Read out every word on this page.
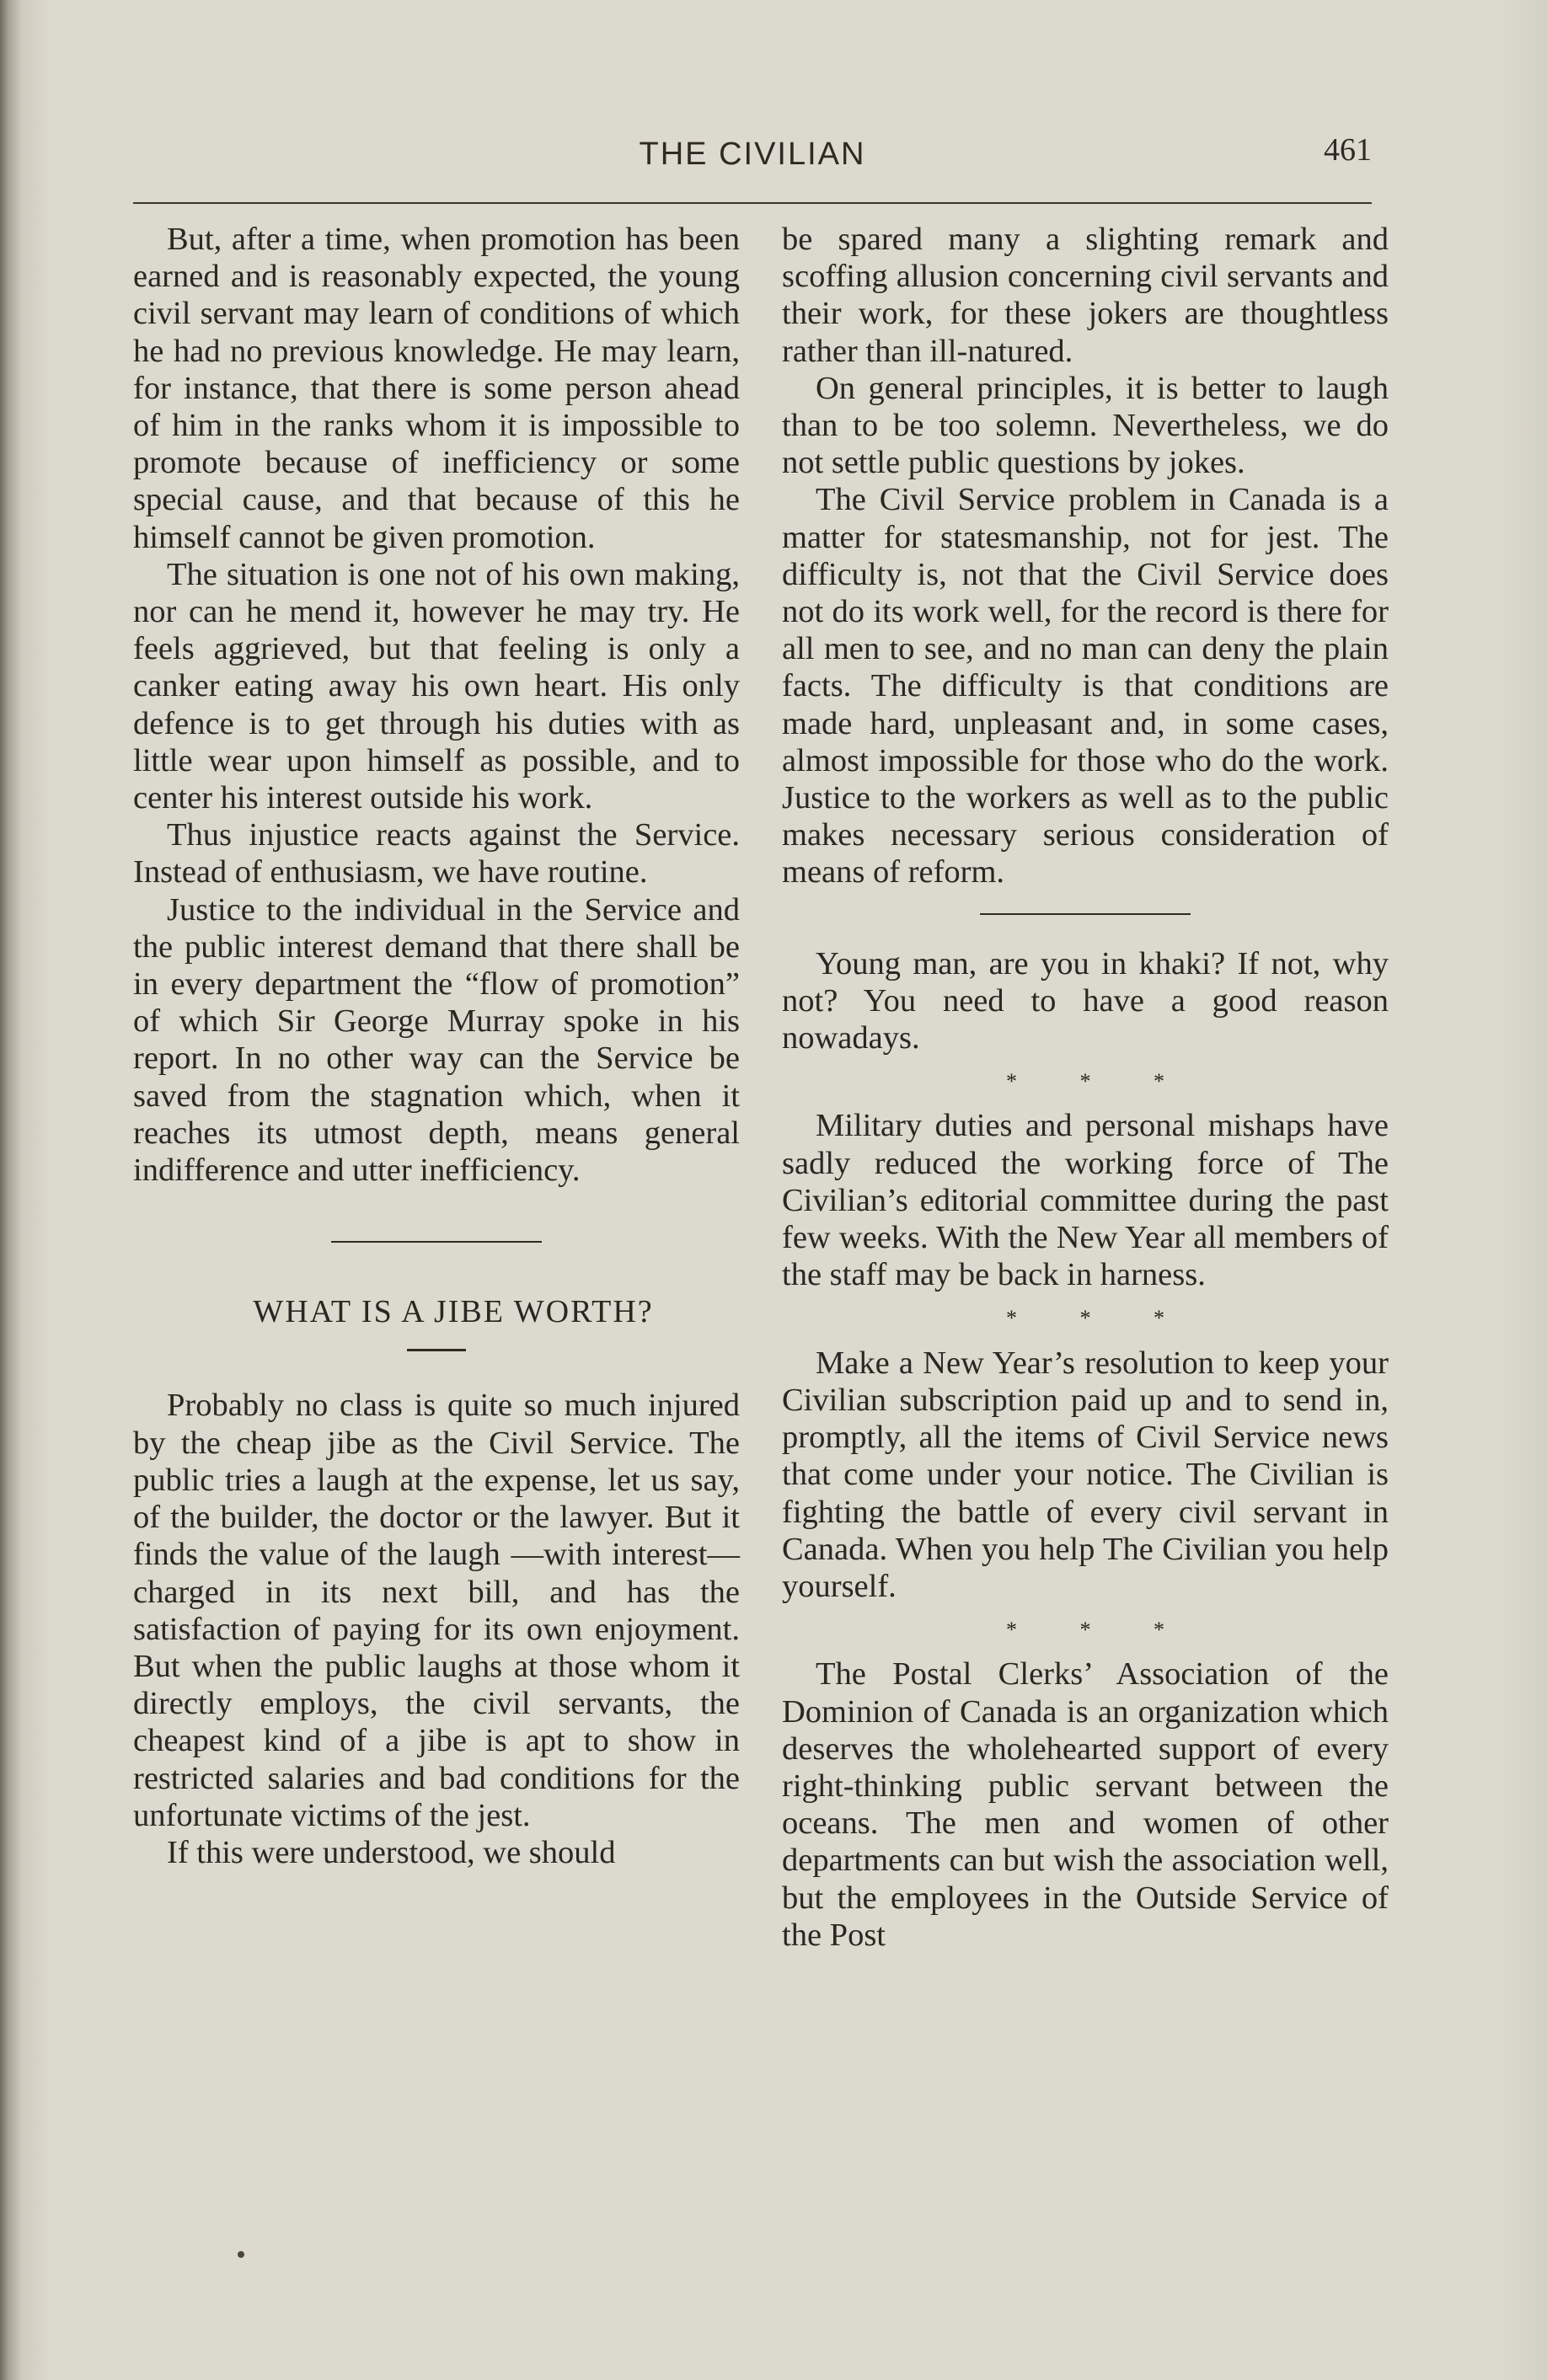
THE CIVILIAN	461

But, after a time, when promotion has been earned and is reasonably expected, the young civil servant may learn of conditions of which he had no previous knowledge. He may learn, for instance, that there is some person ahead of him in the ranks whom it is impossible to promote because of inefficiency or some special cause, and that because of this he himself cannot be given promotion.

The situation is one not of his own making, nor can he mend it, however he may try. He feels aggrieved, but that feeling is only a canker eating away his own heart. His only defence is to get through his duties with as little wear upon himself as possible, and to center his interest outside his work.

Thus injustice reacts against the Service. Instead of enthusiasm, we have routine.

Justice to the individual in the Service and the public interest demand that there shall be in every department the “flow of promotion” of which Sir George Murray spoke in his report. In no other way can the Service be saved from the stagnation which, when it reaches its utmost depth, means general indifference and utter inefficiency.

WHAT IS A JIBE WORTH?

Probably no class is quite so much injured by the cheap jibe as the Civil Service. The public tries a laugh at the expense, let us say, of the builder, the doctor or the lawyer. But it finds the value of the laugh —with interest—charged in its next bill, and has the satisfaction of paying for its own enjoyment. But when the public laughs at those whom it directly employs, the civil servants, the cheapest kind of a jibe is apt to show in restricted salaries and bad conditions for the unfortunate victims of the jest.

If this were understood, we should

be spared many a slighting remark and scoffing allusion concerning civil servants and their work, for these jokers are thoughtless rather than ill-natured.

On general principles, it is better to laugh than to be too solemn. Nevertheless, we do not settle public questions by jokes.

The Civil Service problem in Canada is a matter for statesmanship, not for jest. The difficulty is, not that the Civil Service does not do its work well, for the record is there for all men to see, and no man can deny the plain facts. The difficulty is that conditions are made hard, unpleasant and, in some cases, almost impossible for those who do the work. Justice to the workers as well as to the public makes necessary serious consideration of means of reform.

Young man, are you in khaki? If not, why not? You need to have a good reason nowadays.

* * *

Military duties and personal mishaps have sadly reduced the working force of The Civilian’s editorial committee during the past few weeks. With the New Year all members of the staff may be back in harness.

* * *

Make a New Year’s resolution to keep your Civilian subscription paid up and to send in, promptly, all the items of Civil Service news that come under your notice. The Civilian is fighting the battle of every civil servant in Canada. When you help The Civilian you help yourself.

* * *

The Postal Clerks’ Association of the Dominion of Canada is an organization which deserves the wholehearted support of every right-thinking public servant between the oceans. The men and women of other departments can but wish the association well, but the employees in the Outside Service of the Post
